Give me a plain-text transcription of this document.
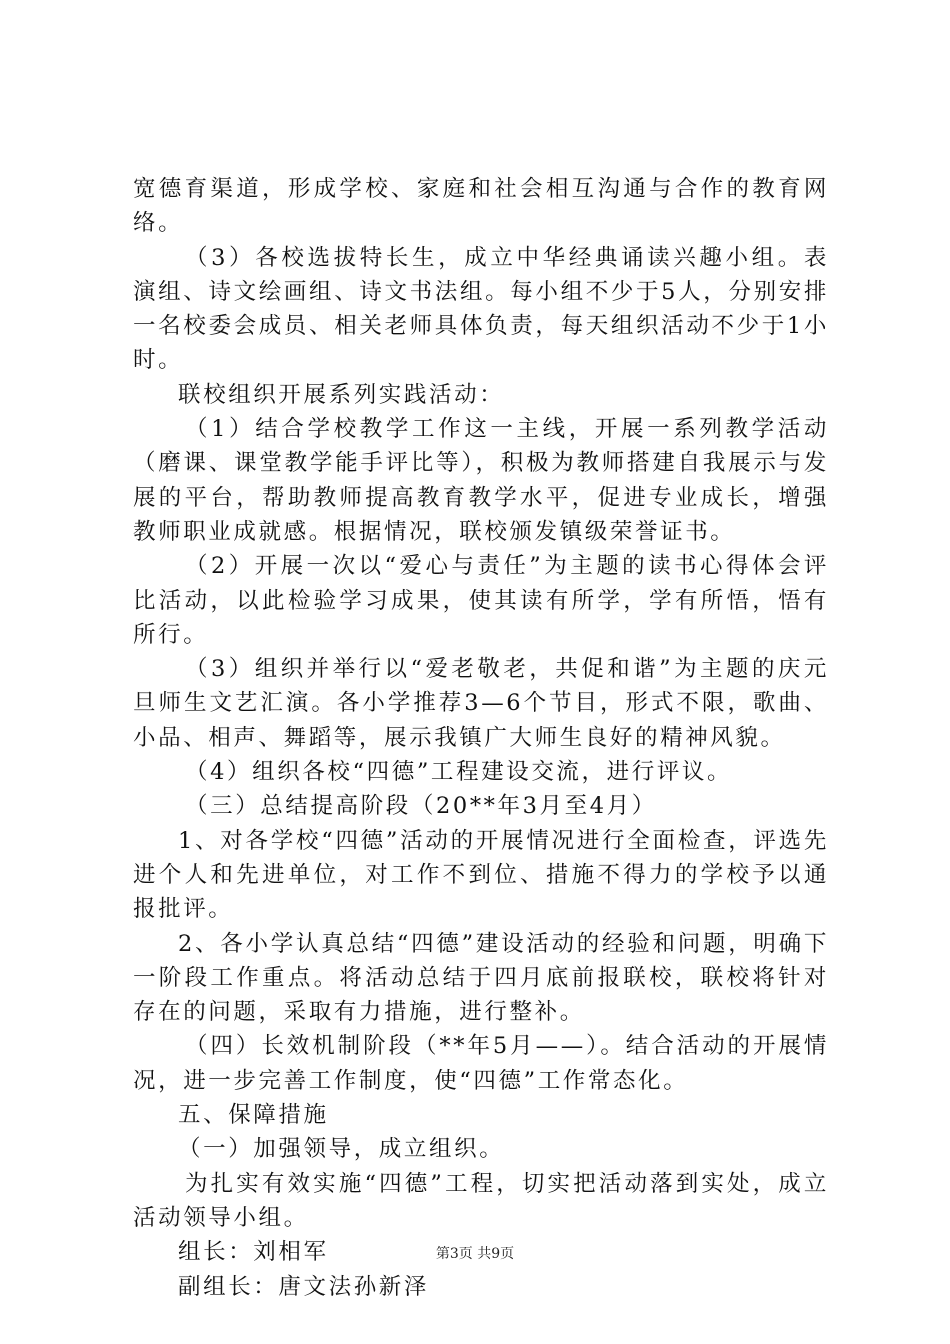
宽德育渠道，形成学校、家庭和社会相互沟通与合作的教育网络。

（3）各校选拔特长生，成立中华经典诵读兴趣小组。表演组、诗文绘画组、诗文书法组。每小组不少于5人，分别安排一名校委会成员、相关老师具体负责，每天组织活动不少于1小时。

联校组织开展系列实践活动：

（1）结合学校教学工作这一主线，开展一系列教学活动（磨课、课堂教学能手评比等），积极为教师搭建自我展示与发展的平台，帮助教师提高教育教学水平，促进专业成长，增强教师职业成就感。根据情况，联校颁发镇级荣誉证书。

（2）开展一次以“爱心与责任”为主题的读书心得体会评比活动，以此检验学习成果，使其读有所学，学有所悟，悟有所行。

（3）组织并举行以“爱老敬老，共促和谐”为主题的庆元旦师生文艺汇演。各小学推荐3—6个节目，形式不限，歌曲、小品、相声、舞蹈等，展示我镇广大师生良好的精神风貌。

（4）组织各校“四德”工程建设交流，进行评议。

（三）总结提高阶段（20**年3月至4月）

1、对各学校“四德”活动的开展情况进行全面检查，评选先进个人和先进单位，对工作不到位、措施不得力的学校予以通报批评。

2、各小学认真总结“四德”建设活动的经验和问题，明确下一阶段工作重点。将活动总结于四月底前报联校，联校将针对存在的问题，采取有力措施，进行整补。

（四）长效机制阶段（**年5月——）。结合活动的开展情况，进一步完善工作制度，使“四德”工作常态化。

五、保障措施

（一）加强领导，成立组织。

为扎实有效实施“四德”工程，切实把活动落到实处，成立活动领导小组。

组长：刘相军

副组长：唐文法孙新泽

第3页 共9页
